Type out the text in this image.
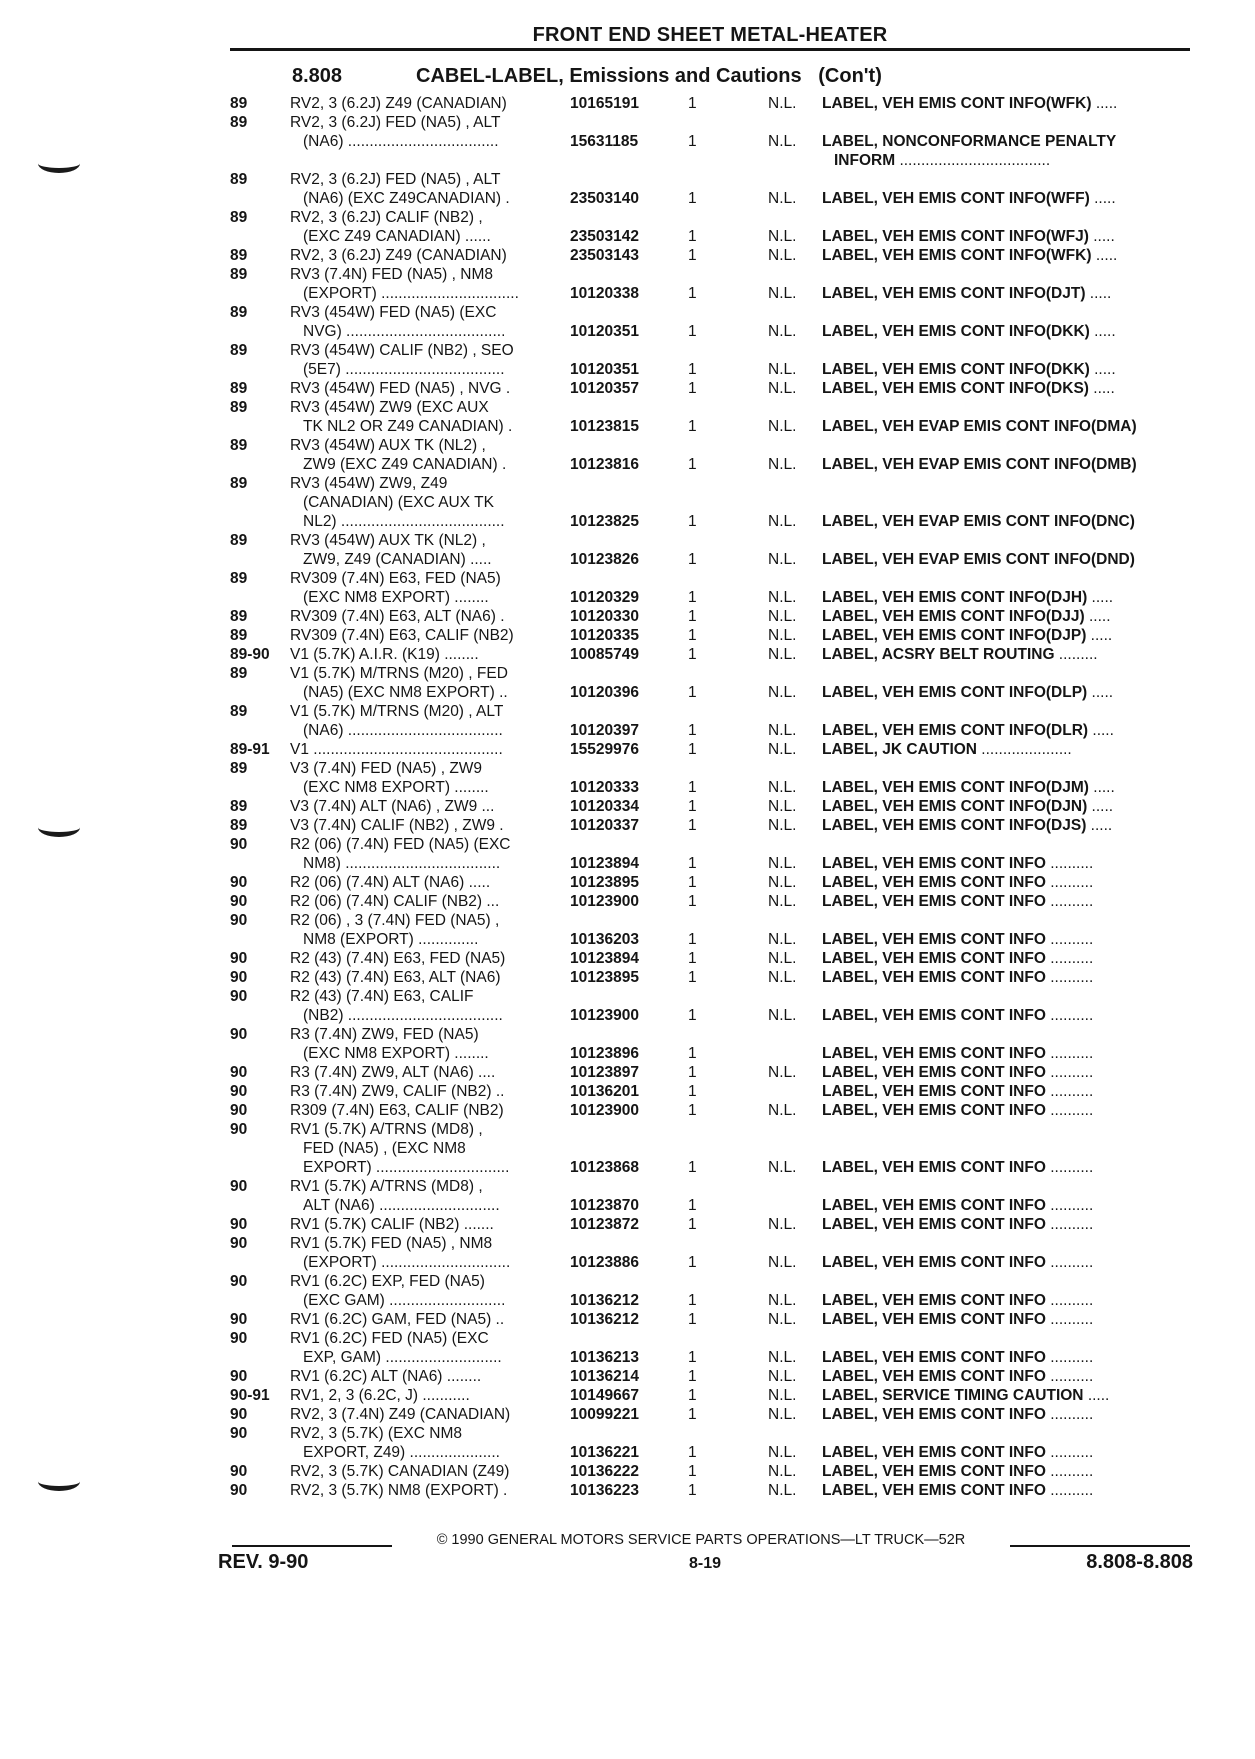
FRONT END SHEET METAL-HEATER
8.808	CABEL-LABEL, Emissions and Cautions   (Con't)
89	RV2, 3 (6.2J) Z49 (CANADIAN)	10165191	1	N.L. LABEL, VEH EMIS CONT INFO(WFK) .....
89	RV2, 3 (6.2J) FED (NA5) , ALT
(NA6) ...................................	15631185	1	N.L. LABEL, NONCONFORMANCE PENALTY
INFORM ...................................
89	RV2, 3 (6.2J) FED (NA5) , ALT
(NA6) (EXC Z49CANADIAN) .	23503140	1	N.L. LABEL, VEH EMIS CONT INFO(WFF) .....
89	RV2, 3 (6.2J) CALIF (NB2) ,
(EXC Z49 CANADIAN) ......	23503142	1	N.L. LABEL, VEH EMIS CONT INFO(WFJ) .....
89	RV2, 3 (6.2J) Z49 (CANADIAN)	23503143	1	N.L. LABEL, VEH EMIS CONT INFO(WFK) .....
89	RV3 (7.4N) FED (NA5) , NM8
(EXPORT) ................................	10120338	1	N.L. LABEL, VEH EMIS CONT INFO(DJT) .....
89	RV3 (454W) FED (NA5) (EXC
NVG) .....................................	10120351	1	N.L. LABEL, VEH EMIS CONT INFO(DKK) .....
89	RV3 (454W) CALIF (NB2) , SEO
(5E7) .....................................	10120351	1	N.L. LABEL, VEH EMIS CONT INFO(DKK) .....
89	RV3 (454W) FED (NA5) , NVG .	10120357	1	N.L. LABEL, VEH EMIS CONT INFO(DKS) .....
89	RV3 (454W) ZW9 (EXC AUX
TK NL2 OR Z49 CANADIAN) .	10123815	1	N.L. LABEL, VEH EVAP EMIS CONT INFO(DMA)
89	RV3 (454W) AUX TK (NL2) ,
ZW9 (EXC Z49 CANADIAN) .	10123816	1	N.L. LABEL, VEH EVAP EMIS CONT INFO(DMB)
89	RV3 (454W) ZW9, Z49
(CANADIAN) (EXC AUX TK
NL2) ......................................	10123825	1	N.L. LABEL, VEH EVAP EMIS CONT INFO(DNC)
89	RV3 (454W) AUX TK (NL2) ,
ZW9, Z49 (CANADIAN) .....	10123826	1	N.L. LABEL, VEH EVAP EMIS CONT INFO(DND)
89	RV309 (7.4N) E63, FED (NA5)
(EXC NM8 EXPORT) ........	10120329	1	N.L. LABEL, VEH EMIS CONT INFO(DJH) .....
89	RV309 (7.4N) E63, ALT (NA6) .	10120330	1	N.L. LABEL, VEH EMIS CONT INFO(DJJ) .....
89	RV309 (7.4N) E63, CALIF (NB2)	10120335	1	N.L. LABEL, VEH EMIS CONT INFO(DJP) .....
89-90 V1 (5.7K) A.I.R. (K19) ........	10085749	1	N.L. LABEL, ACSRY BELT ROUTING .........
89	V1 (5.7K) M/TRNS (M20) , FED
(NA5) (EXC NM8 EXPORT) ..	10120396	1	N.L. LABEL, VEH EMIS CONT INFO(DLP) .....
89	V1 (5.7K) M/TRNS (M20) , ALT
(NA6) ....................................	10120397	1	N.L. LABEL, VEH EMIS CONT INFO(DLR) .....
89-91 V1 ............................................	15529976	1	N.L. LABEL, JK CAUTION .....................
89	V3 (7.4N) FED (NA5) , ZW9
(EXC NM8 EXPORT) ........	10120333	1	N.L. LABEL, VEH EMIS CONT INFO(DJM) .....
89	V3 (7.4N) ALT (NA6) , ZW9 ...	10120334	1	N.L. LABEL, VEH EMIS CONT INFO(DJN) .....
89	V3 (7.4N) CALIF (NB2) , ZW9 .	10120337	1	N.L. LABEL, VEH EMIS CONT INFO(DJS) .....
90	R2 (06) (7.4N) FED (NA5) (EXC
NM8) ....................................	10123894	1	N.L. LABEL, VEH EMIS CONT INFO ..........
90	R2 (06) (7.4N) ALT (NA6) .....	10123895	1	N.L. LABEL, VEH EMIS CONT INFO ..........
90	R2 (06) (7.4N) CALIF (NB2) ...	10123900	1	N.L. LABEL, VEH EMIS CONT INFO ..........
90	R2 (06) , 3 (7.4N) FED (NA5) ,
NM8 (EXPORT) ..............	10136203	1	N.L. LABEL, VEH EMIS CONT INFO ..........
90	R2 (43) (7.4N) E63, FED (NA5)	10123894	1	N.L. LABEL, VEH EMIS CONT INFO ..........
90	R2 (43) (7.4N) E63, ALT (NA6)	10123895	1	N.L. LABEL, VEH EMIS CONT INFO ..........
90	R2 (43) (7.4N) E63, CALIF
(NB2) ....................................	10123900	1	N.L. LABEL, VEH EMIS CONT INFO ..........
90	R3 (7.4N) ZW9, FED (NA5)
(EXC NM8 EXPORT) ........	10123896	1	LABEL, VEH EMIS CONT INFO ..........
90	R3 (7.4N) ZW9, ALT (NA6) ....	10123897	1	N.L. LABEL, VEH EMIS CONT INFO ..........
90	R3 (7.4N) ZW9, CALIF (NB2) ..	10136201	1	LABEL, VEH EMIS CONT INFO ..........
90	R309 (7.4N) E63, CALIF (NB2)	10123900	1	N.L. LABEL, VEH EMIS CONT INFO ..........
90	RV1 (5.7K) A/TRNS (MD8) ,
FED (NA5) , (EXC NM8
EXPORT) ...............................	10123868	1	N.L. LABEL, VEH EMIS CONT INFO ..........
90	RV1 (5.7K) A/TRNS (MD8) ,
ALT (NA6) ............................	10123870	1	LABEL, VEH EMIS CONT INFO ..........
90	RV1 (5.7K) CALIF (NB2) .......	10123872	1	N.L. LABEL, VEH EMIS CONT INFO ..........
90	RV1 (5.7K) FED (NA5) , NM8
(EXPORT) ..............................	10123886	1	N.L. LABEL, VEH EMIS CONT INFO ..........
90	RV1 (6.2C) EXP, FED (NA5)
(EXC GAM) ...........................	10136212	1	N.L. LABEL, VEH EMIS CONT INFO ..........
90	RV1 (6.2C) GAM, FED (NA5) ..	10136212	1	N.L. LABEL, VEH EMIS CONT INFO ..........
90	RV1 (6.2C) FED (NA5) (EXC
EXP, GAM) ...........................	10136213	1	N.L. LABEL, VEH EMIS CONT INFO ..........
90	RV1 (6.2C) ALT (NA6) ........	10136214	1	N.L. LABEL, VEH EMIS CONT INFO ..........
90-91 RV1, 2, 3 (6.2C, J) ...........	10149667	1	N.L. LABEL, SERVICE TIMING CAUTION .....
90	RV2, 3 (7.4N) Z49 (CANADIAN)	10099221	1	N.L. LABEL, VEH EMIS CONT INFO ..........
90	RV2, 3 (5.7K) (EXC NM8
EXPORT, Z49) .....................	10136221	1	N.L. LABEL, VEH EMIS CONT INFO ..........
90	RV2, 3 (5.7K) CANADIAN (Z49)	10136222	1	N.L. LABEL, VEH EMIS CONT INFO ..........
90	RV2, 3 (5.7K) NM8 (EXPORT) .	10136223	1	N.L. LABEL, VEH EMIS CONT INFO ..........
© 1990 GENERAL MOTORS SERVICE PARTS OPERATIONS—LT TRUCK—52R
REV. 9-90	8-19	8.808-8.808
